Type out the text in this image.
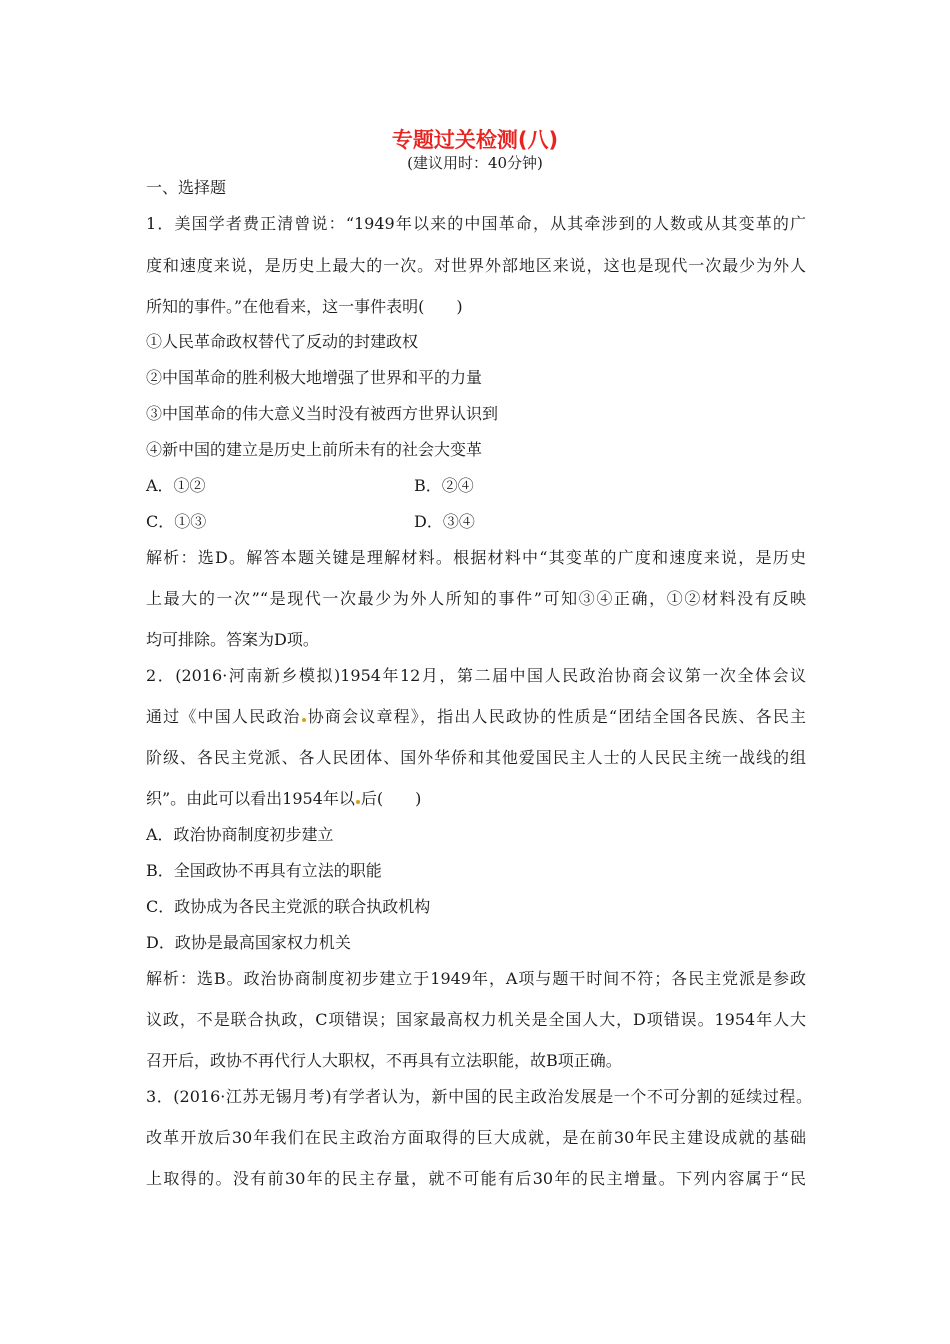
专题过关检测(八)
(建议用时：40分钟)
一、选择题
1．美国学者费正清曾说：“1949年以来的中国革命，从其牵涉到的人数或从其变革的广
度和速度来说，是历史上最大的一次。对世界外部地区来说，这也是现代一次最少为外人
所知的事件。”在他看来，这一事件表明(　　)
①人民革命政权替代了反动的封建政权
②中国革命的胜利极大地增强了世界和平的力量
③中国革命的伟大意义当时没有被西方世界认识到
④新中国的建立是历史上前所未有的社会大变革
A．①②	B．②④
C．①③	D．③④
解析：选D。解答本题关键是理解材料。根据材料中“其变革的广度和速度来说，是历史
上最大的一次”“是现代一次最少为外人所知的事件”可知③④正确，①②材料没有反映
均可排除。答案为D项。
2．(2016·河南新乡模拟)1954年12月，第二届中国人民政治协商会议第一次全体会议
通过《中国人民政治 协商会议章程》，指出人民政协的性质是“团结全国各民族、各民主
阶级、各民主党派、各人民团体、国外华侨和其他爱国民主人士的人民民主统一战线的组
织”。由此可以看出1954年以 后(　　)
A．政治协商制度初步建立
B．全国政协不再具有立法的职能
C．政协成为各民主党派的联合执政机构
D．政协是最高国家权力机关
解析：选B。政治协商制度初步建立于1949年，A项与题干时间不符；各民主党派是参政
议政，不是联合执政，C项错误；国家最高权力机关是全国人大，D项错误。1954年人大
召开后，政协不再代行人大职权，不再具有立法职能，故B项正确。
3．(2016·江苏无锡月考)有学者认为，新中国的民主政治发展是一个不可分割的延续过程。
改革开放后30年我们在民主政治方面取得的巨大成就，是在前30年民主建设成就的基础
上取得的。没有前30年的民主存量，就不可能有后30年的民主增量。下列内容属于“民
